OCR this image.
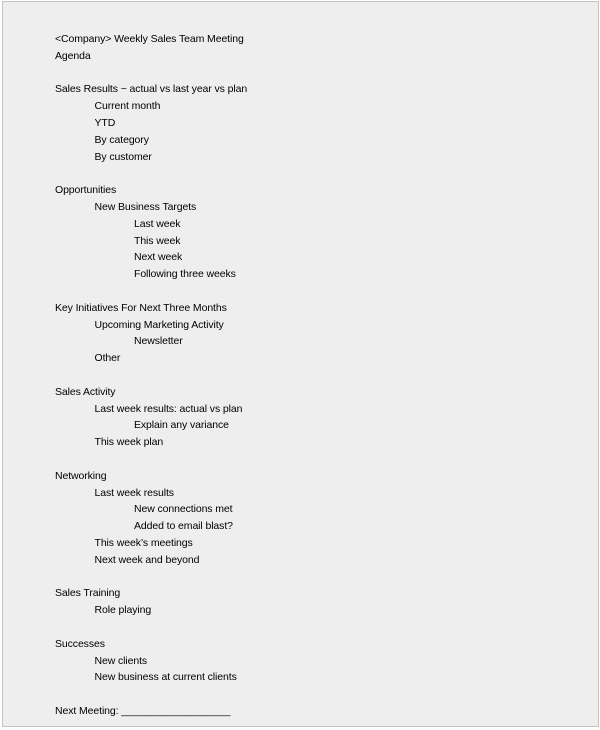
<Company> Weekly Sales Team Meeting
Agenda
Sales Results ~ actual vs last year vs plan
Current month
YTD
By category
By customer
Opportunities
New Business Targets
Last week
This week
Next week
Following three weeks
Key Initiatives For Next Three Months
Upcoming Marketing Activity
Newsletter
Other
Sales Activity
Last week results: actual vs plan
Explain any variance
This week plan
Networking
Last week results
New connections met
Added to email blast?
This week’s meetings
Next week and beyond
Sales Training
Role playing
Successes
New clients
New business at current clients
Next Meeting: ___________________
